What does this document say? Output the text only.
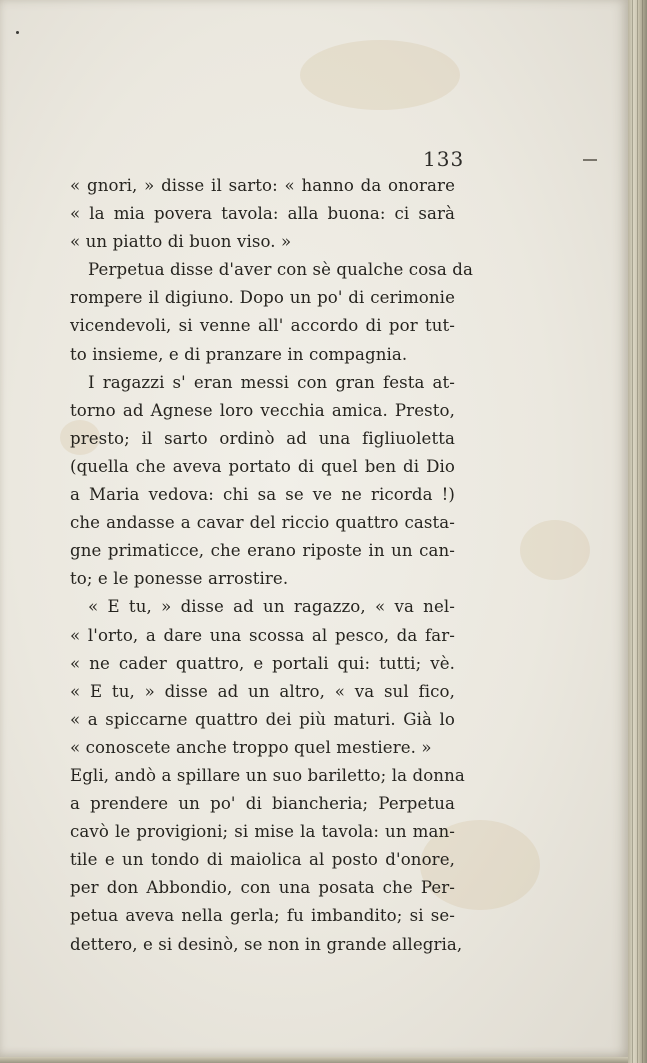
133
« gnori, » disse il sarto: « hanno da onorare
« la mia povera tavola: alla buona: ci sarà
« un piatto di buon viso. »
Perpetua disse d'aver con sè qualche cosa da
rompere il digiuno. Dopo un po' di cerimonie
vicendevoli, si venne all' accordo di por tut-
to insieme, e di pranzare in compagnia.
I ragazzi s' eran messi con gran festa at-
torno ad Agnese loro vecchia amica. Presto,
presto; il sarto ordinò ad una figliuoletta
(quella che aveva portato di quel ben di Dio
a Maria vedova: chi sa se ve ne ricorda !)
che andasse a cavar del riccio quattro casta-
gne primaticce, che erano riposte in un can-
to; e le ponesse arrostire.
« E tu, » disse ad un ragazzo, « va nel-
« l'orto, a dare una scossa al pesco, da far-
« ne cader quattro, e portali qui: tutti; vè.
« E tu, » disse ad un altro, « va sul fico,
« a spiccarne quattro dei più maturi. Già lo
« conoscete anche troppo quel mestiere. »
Egli, andò a spillare un suo bariletto; la donna
a prendere un po' di biancheria; Perpetua
cavò le provigioni; si mise la tavola: un man-
tile e un tondo di maiolica al posto d'onore,
per don Abbondio, con una posata che Per-
petua aveva nella gerla; fu imbandito; si se-
dettero, e si desinò, se non in grande allegria,
